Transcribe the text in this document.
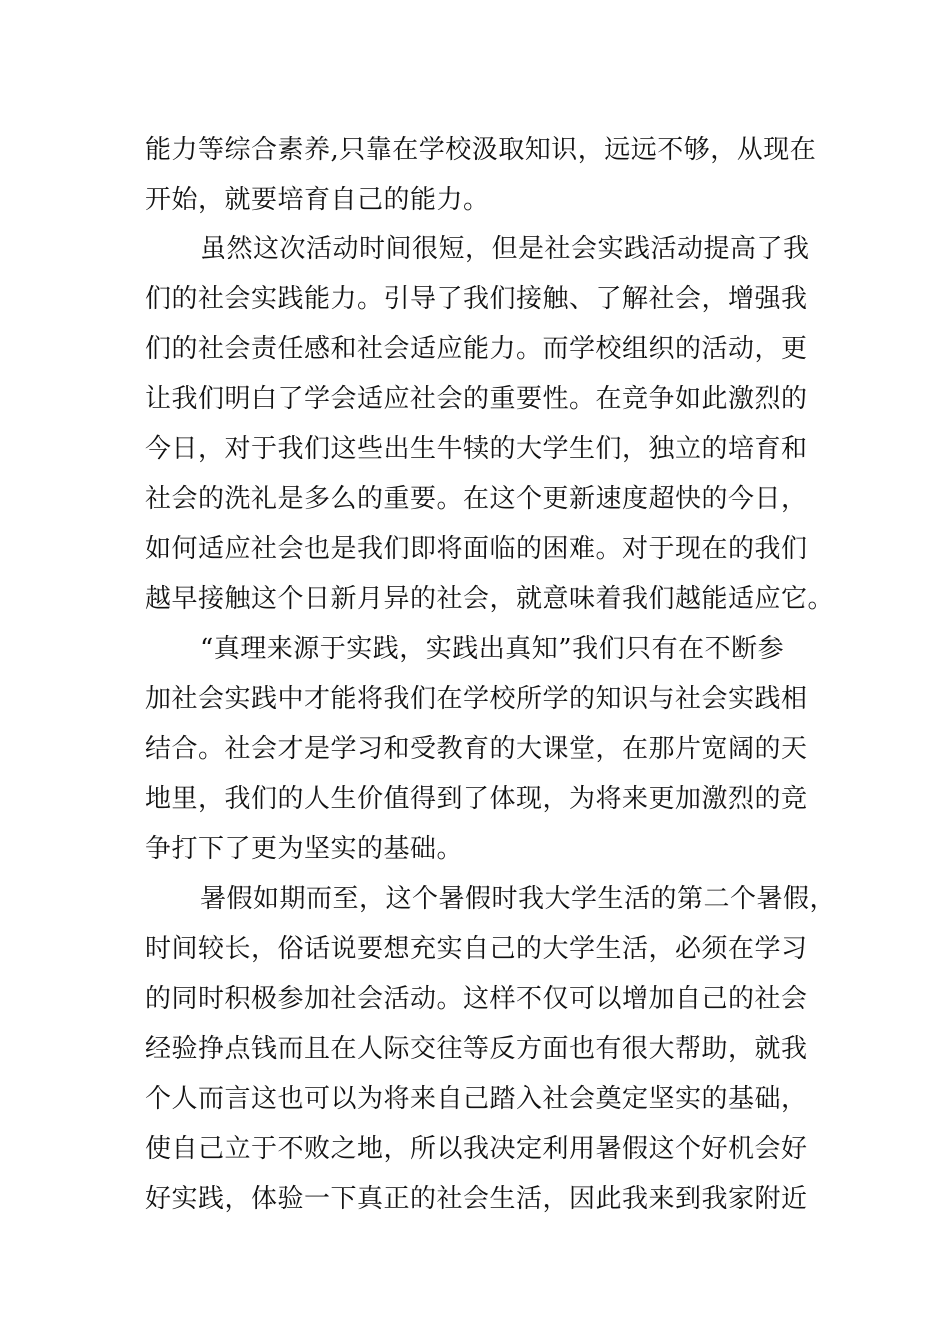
能力等综合素养,只靠在学校汲取知识，远远不够，从现在
开始，就要培育自己的能力。
虽然这次活动时间很短，但是社会实践活动提高了我
们的社会实践能力。引导了我们接触、了解社会，增强我
们的社会责任感和社会适应能力。而学校组织的活动，更
让我们明白了学会适应社会的重要性。在竞争如此激烈的
今日，对于我们这些出生牛犊的大学生们，独立的培育和
社会的洗礼是多么的重要。在这个更新速度超快的今日，
如何适应社会也是我们即将面临的困难。对于现在的我们
越早接触这个日新月异的社会，就意味着我们越能适应它。
“真理来源于实践，实践出真知”我们只有在不断参
加社会实践中才能将我们在学校所学的知识与社会实践相
结合。社会才是学习和受教育的大课堂，在那片宽阔的天
地里，我们的人生价值得到了体现，为将来更加激烈的竞
争打下了更为坚实的基础。
暑假如期而至，这个暑假时我大学生活的第二个暑假，
时间较长，俗话说要想充实自己的大学生活，必须在学习
的同时积极参加社会活动。这样不仅可以增加自己的社会
经验挣点钱而且在人际交往等反方面也有很大帮助，就我
个人而言这也可以为将来自己踏入社会奠定坚实的基础，
使自己立于不败之地，所以我决定利用暑假这个好机会好
好实践，体验一下真正的社会生活，因此我来到我家附近
